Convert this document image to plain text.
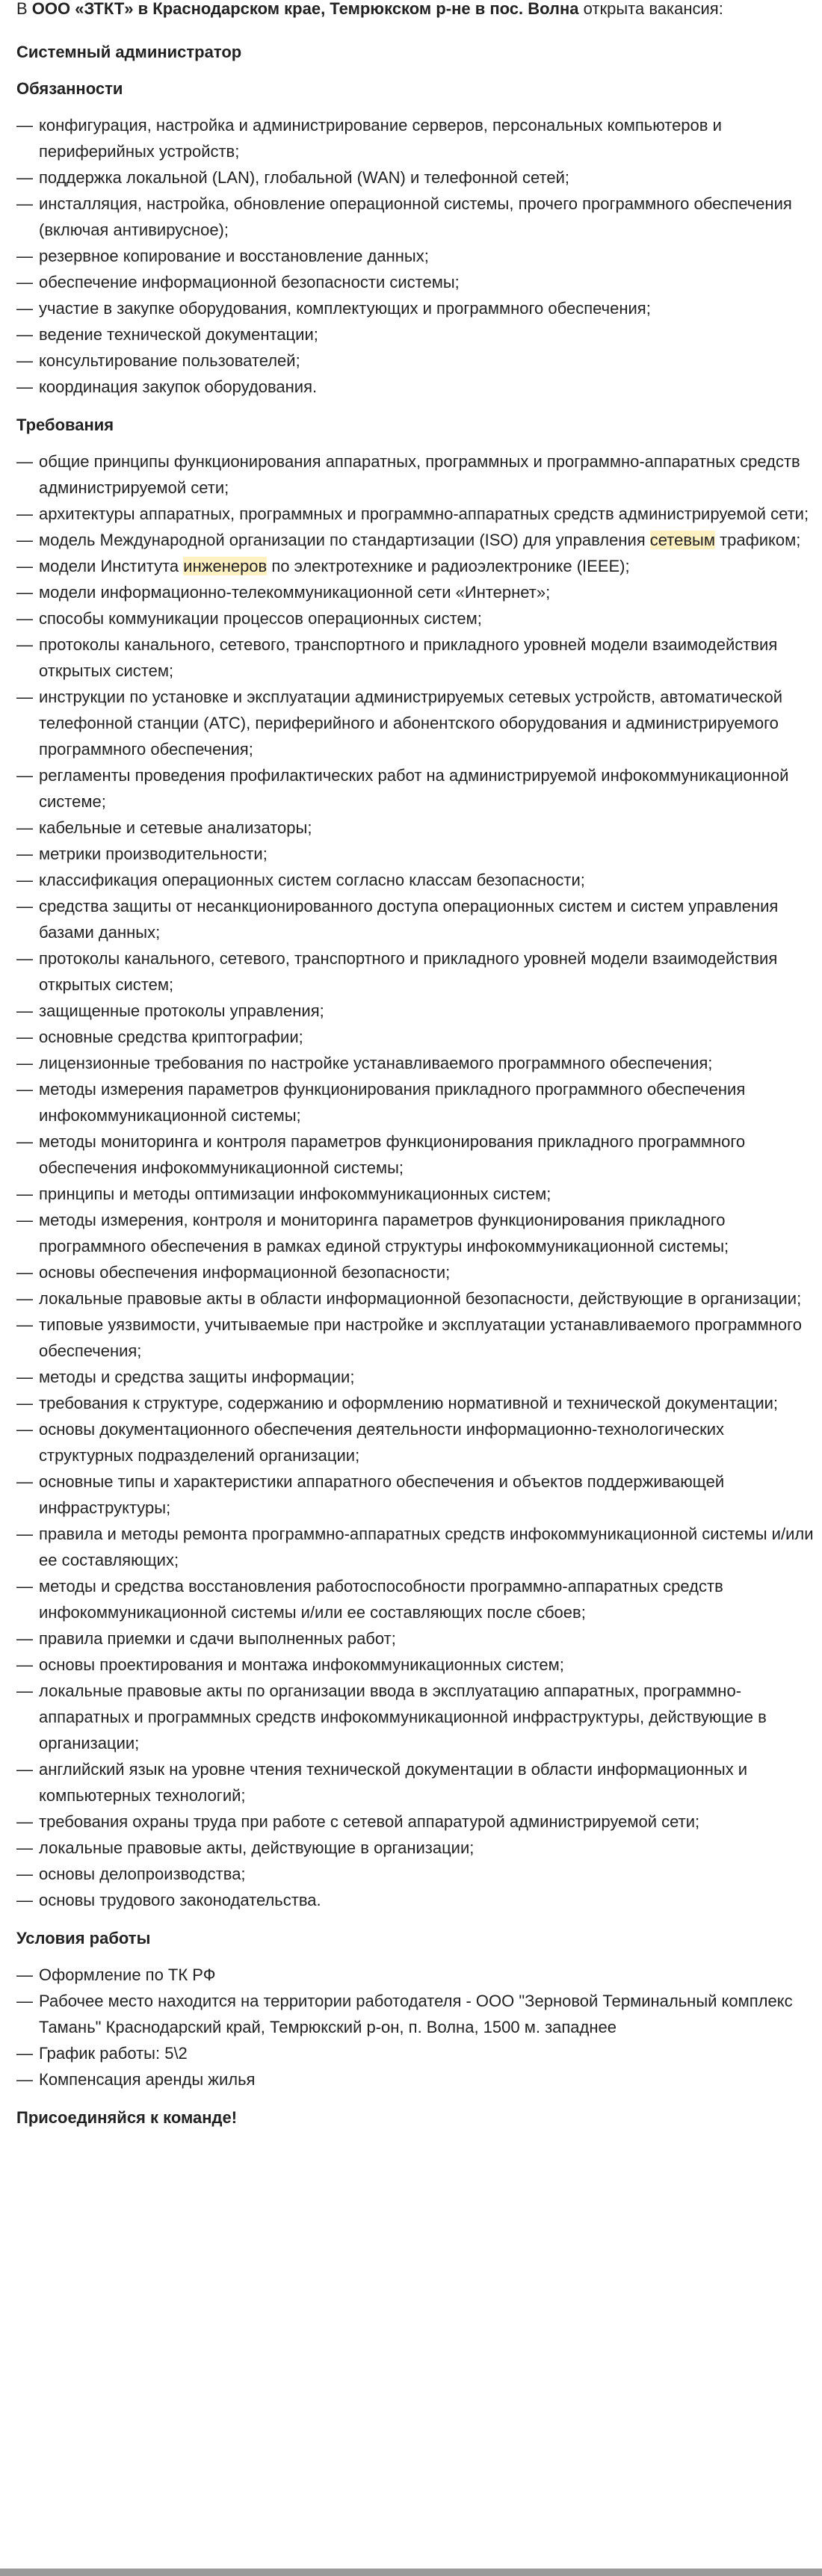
В ООО «ЗТКТ» в Краснодарском крае, Темрюкском р-не в пос. Волна открыта вакансия:

Системный администратор
Обязанности
— конфигурация, настройка и администрирование серверов, персональных компьютеров и периферийных устройств;
— поддержка локальной (LAN), глобальной (WAN) и телефонной сетей;
— инсталляция, настройка, обновление операционной системы, прочего программного обеспечения (включая антивирусное);
— резервное копирование и восстановление данных;
— обеспечение информационной безопасности системы;
— участие в закупке оборудования, комплектующих и программного обеспечения;
— ведение технической документации;
— консультирование пользователей;
— координация закупок оборудования.
Требования
— общие принципы функционирования аппаратных, программных и программно-аппаратных средств администрируемой сети;
— архитектуры аппаратных, программных и программно-аппаратных средств администрируемой сети;
— модель Международной организации по стандартизации (ISO) для управления сетевым трафиком;
— модели Института инженеров по электротехнике и радиоэлектронике (IEEE);
— модели информационно-телекоммуникационной сети «Интернет»;
— способы коммуникации процессов операционных систем;
— протоколы канального, сетевого, транспортного и прикладного уровней модели взаимодействия открытых систем;
— инструкции по установке и эксплуатации администрируемых сетевых устройств, автоматической телефонной станции (АТС), периферийного и абонентского оборудования и администрируемого программного обеспечения;
— регламенты проведения профилактических работ на администрируемой инфокоммуникационной системе;
— кабельные и сетевые анализаторы;
— метрики производительности;
— классификация операционных систем согласно классам безопасности;
— средства защиты от несанкционированного доступа операционных систем и систем управления базами данных;
— протоколы канального, сетевого, транспортного и прикладного уровней модели взаимодействия открытых систем;
— защищенные протоколы управления;
— основные средства криптографии;
— лицензионные требования по настройке устанавливаемого программного обеспечения;
— методы измерения параметров функционирования прикладного программного обеспечения инфокоммуникационной системы;
— методы мониторинга и контроля параметров функционирования прикладного программного обеспечения инфокоммуникационной системы;
— принципы и методы оптимизации инфокоммуникационных систем;
— методы измерения, контроля и мониторинга параметров функционирования прикладного программного обеспечения в рамках единой структуры инфокоммуникационной системы;
— основы обеспечения информационной безопасности;
— локальные правовые акты в области информационной безопасности, действующие в организации;
— типовые уязвимости, учитываемые при настройке и эксплуатации устанавливаемого программного обеспечения;
— методы и средства защиты информации;
— требования к структуре, содержанию и оформлению нормативной и технической документации;
— основы документационного обеспечения деятельности информационно-технологических структурных подразделений организации;
— основные типы и характеристики аппаратного обеспечения и объектов поддерживающей инфраструктуры;
— правила и методы ремонта программно-аппаратных средств инфокоммуникационной системы и/или ее составляющих;
— методы и средства восстановления работоспособности программно-аппаратных средств инфокоммуникационной системы и/или ее составляющих после сбоев;
— правила приемки и сдачи выполненных работ;
— основы проектирования и монтажа инфокоммуникационных систем;
— локальные правовые акты по организации ввода в эксплуатацию аппаратных, программно-аппаратных и программных средств инфокоммуникационной инфраструктуры, действующие в организации;
— английский язык на уровне чтения технической документации в области информационных и компьютерных технологий;
— требования охраны труда при работе с сетевой аппаратурой администрируемой сети;
— локальные правовые акты, действующие в организации;
— основы делопроизводства;
— основы трудового законодательства.
Условия работы
— Оформление по ТК РФ
— Рабочее место находится на территории работодателя - ООО "Зерновой Терминальный комплекс Тамань" Краснодарский край, Темрюкский р-он, п. Волна, 1500 м. западнее
— График работы: 5\2
— Компенсация аренды жилья
Присоединяйся к команде!
